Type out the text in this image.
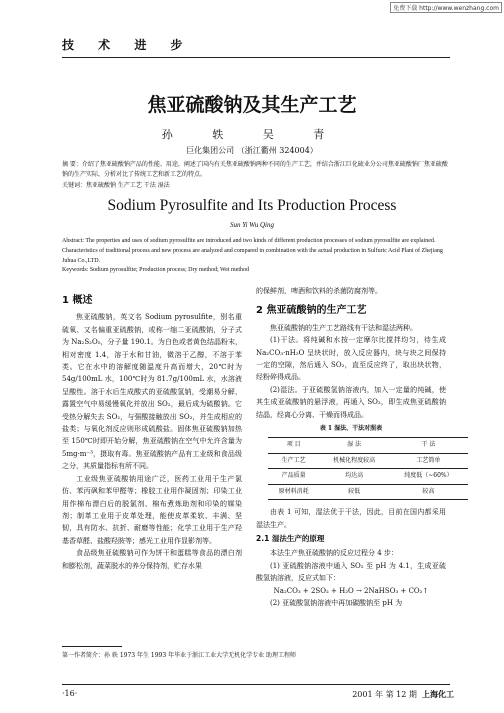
免费下载 http://www.wenzhang.com
技 术 进 步
焦亚硫酸钠及其生产工艺
孙 轶 吴 青
巨化集团公司 （浙江衢州 324004）
摘 要：介绍了焦亚硫酸钠产品的性能、用途，阐述了国内有关焦亚硫酸钠两种不同的生产工艺，并结合浙江巨化硫业分公司焦亚硫酸钠厂焦亚硫酸钠的生产实际，分析对比了传统工艺和新工艺的特点。
关键词：焦亚硫酸钠 生产工艺 干法 湿法
Sodium Pyrosulfite and Its Production Process
Sun Yi Wu Qing
Abstract: The properties and uses of sodium pyrosulfite are introduced and two kinds of different production processes of sodium pyrosulfite are explained. Characteristics of traditional process and new process are analyzed and compared in combination with the actual production in Sulfuric Acid Plant of Zhejiang Juhua Co.,LTD.
Keywords: Sodium pyrosulfite; Production process; Dry method; Wet method
1 概述

焦亚硫酸钠，英文名 Sodium pyrosulfite，别名重硫氧、又名偏重亚硫酸钠，或称一缩二亚硫酸钠，分子式为 Na₂S₂O₅，分子量 190.1。为白色或者黄色结晶粉末，相对密度 1.4，溶于水和甘油，微溶于乙醇，不溶于苯类。它在水中的溶解度随温度升高而增大，20℃时为 54g/100mL 水，100℃时为 81.7g/100mL 水，水溶液呈酸性。溶于水后生成酸式的亚硫酸氢钠，受潮易分解，露置空气中易缓慢氧化并放出 SO₂，最后成为硫酸钠。它受热分解失去 SO₂，与强酸接触放出 SO₂，并生成相应的盐类；与氧化剂反应则形成硫酸盐。固体焦亚硫酸钠加热至 150℃时即开始分解，焦亚硫酸钠在空气中允许含量为 5mg·m⁻³，摄取有毒。焦亚硫酸钠产品有工业级和食品级之分，其质量指标有所不同。

工业级焦亚硫酸钠用途广泛，医药工业用于生产氯仿、苯丙砜和苯甲醛等；橡胶工业用作凝固剂；印染工业用作棉布漂白后的脱氯剂、棉布煮炼助剂和印染的媒染剂；制革工业用于皮革处理，能使皮革柔软、丰满、坚韧，具有防水、抗折、耐磨等性能；化学工业用于生产羟基香草醛、盐酸羟胺等；感光工业用作显影剂等。

食品级焦亚硫酸钠可作为饼干和蛋糕等食品的漂白剂和膨松剂，蔬菜脱水的养分保持剂，贮存水果

的保鲜剂，啤酒和饮料的杀菌防腐剂等。
2 焦亚硫酸钠的生产工艺

焦亚硫酸钠的生产工艺路线有干法和湿法两种。

(1)干法。将纯碱和水按一定摩尔比搅拌均匀，待生成 Na₂CO₃·nH₂O 呈块状时，放入反应器内，块与块之间保持一定的空隙，然后通入 SO₂，直至反应终了，取出块状物，经粉碎得成品。

(2)湿法。于亚硫酸氢钠溶液内，加入一定量的纯碱，使其生成亚硫酸钠的悬浮液，再通入 SO₂，即生成焦亚硫酸钠结晶，经离心分离、干燥而得成品。

表 1 湿法、干法对照表
项 目	湿 法	干 法
生产工艺	机械化程度较高	工艺简单
产品质量	均达高	纯度低（~60%）
原材料消耗	较低	较高

由表 1 可知，湿法优于干法，因此，目前在国内都采用湿法生产。

2.1 湿法生产的原理

本法生产焦亚硫酸钠的反应过程分 4 步：

(1) 亚硫酸钠溶液中通入 SO₂ 至 pH 为 4.1，生成亚硫酸氢钠溶液，反应式如下：

Na₂CO₃ + 2SO₂ + H₂O → 2NaHSO₃ + CO₂↑

(2) 亚硫酸氢钠溶液中再加碳酸钠至 pH 为

第一作者简介：孙 轶 1973 年生 1993 年毕业于浙江工业大学无机化学专业 助理工程师
·16·	2001 年 第 12 期 上海化工
